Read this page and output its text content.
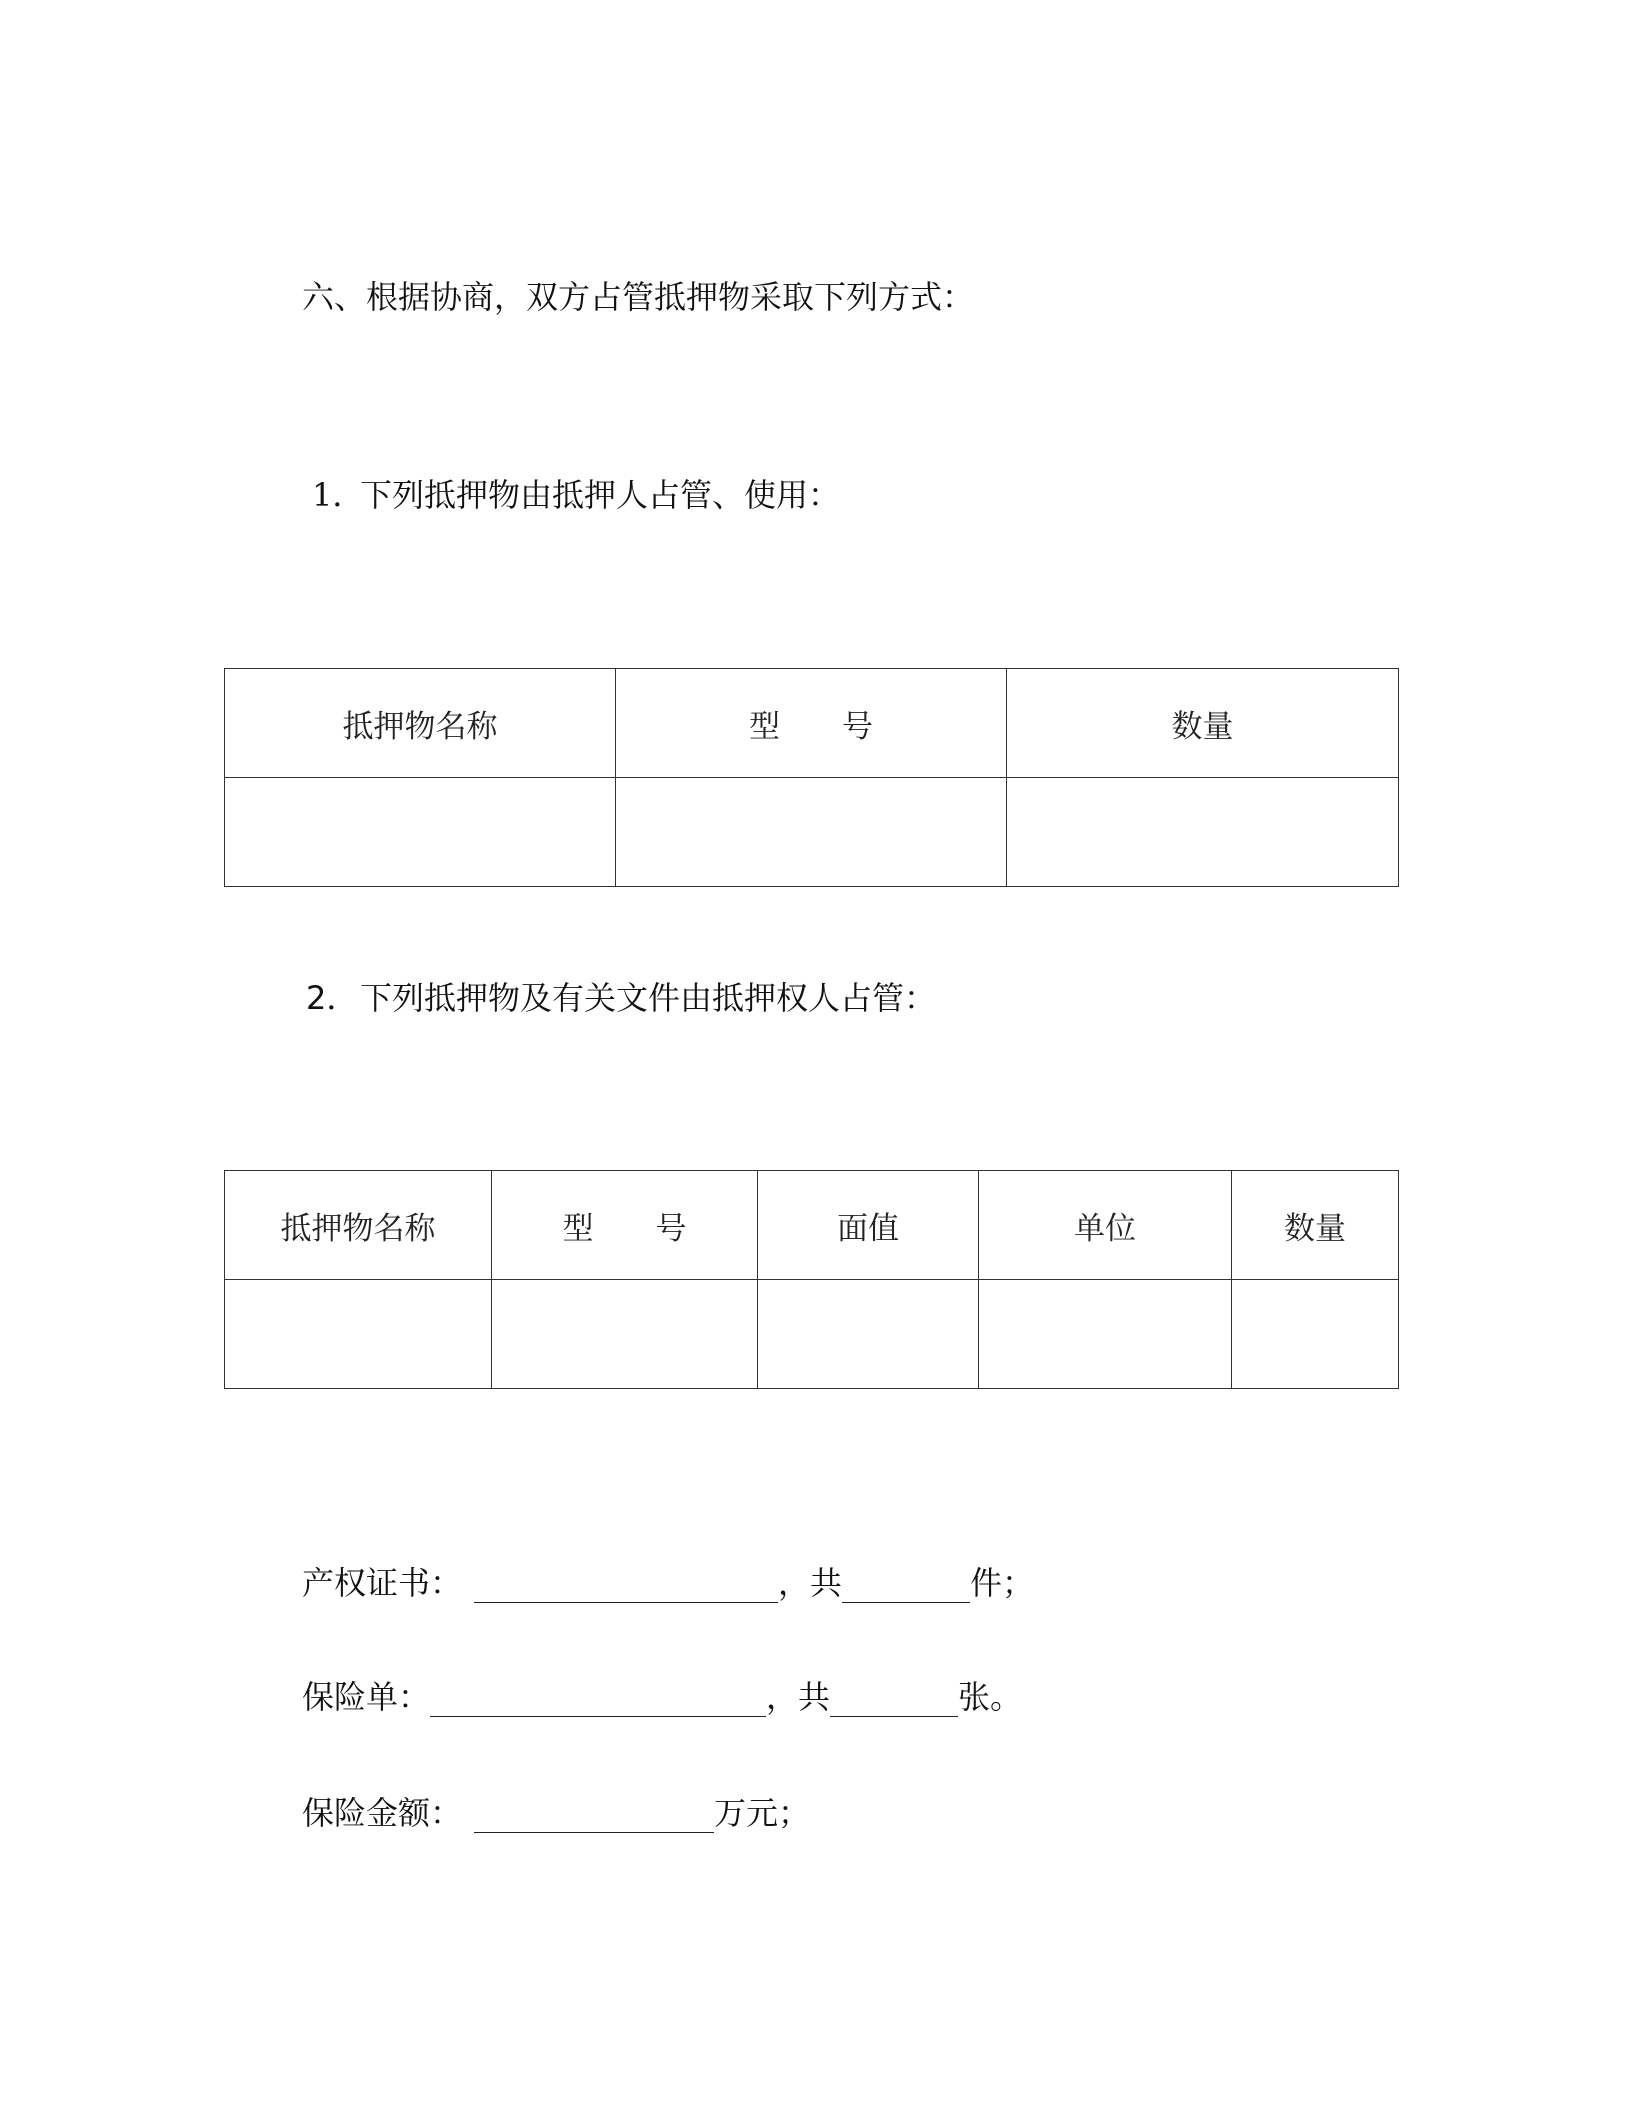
六、根据协商，双方占管抵押物采取下列方式：
1．下列抵押物由抵押人占管、使用：
抵押物名称	型　　号	数量

2．下列抵押物及有关文件由抵押权人占管：
抵押物名称	型　　号	面值	单位	数量

产权证书：	，共	件；
保险单：	，共	张。
保险金额：	万元；
